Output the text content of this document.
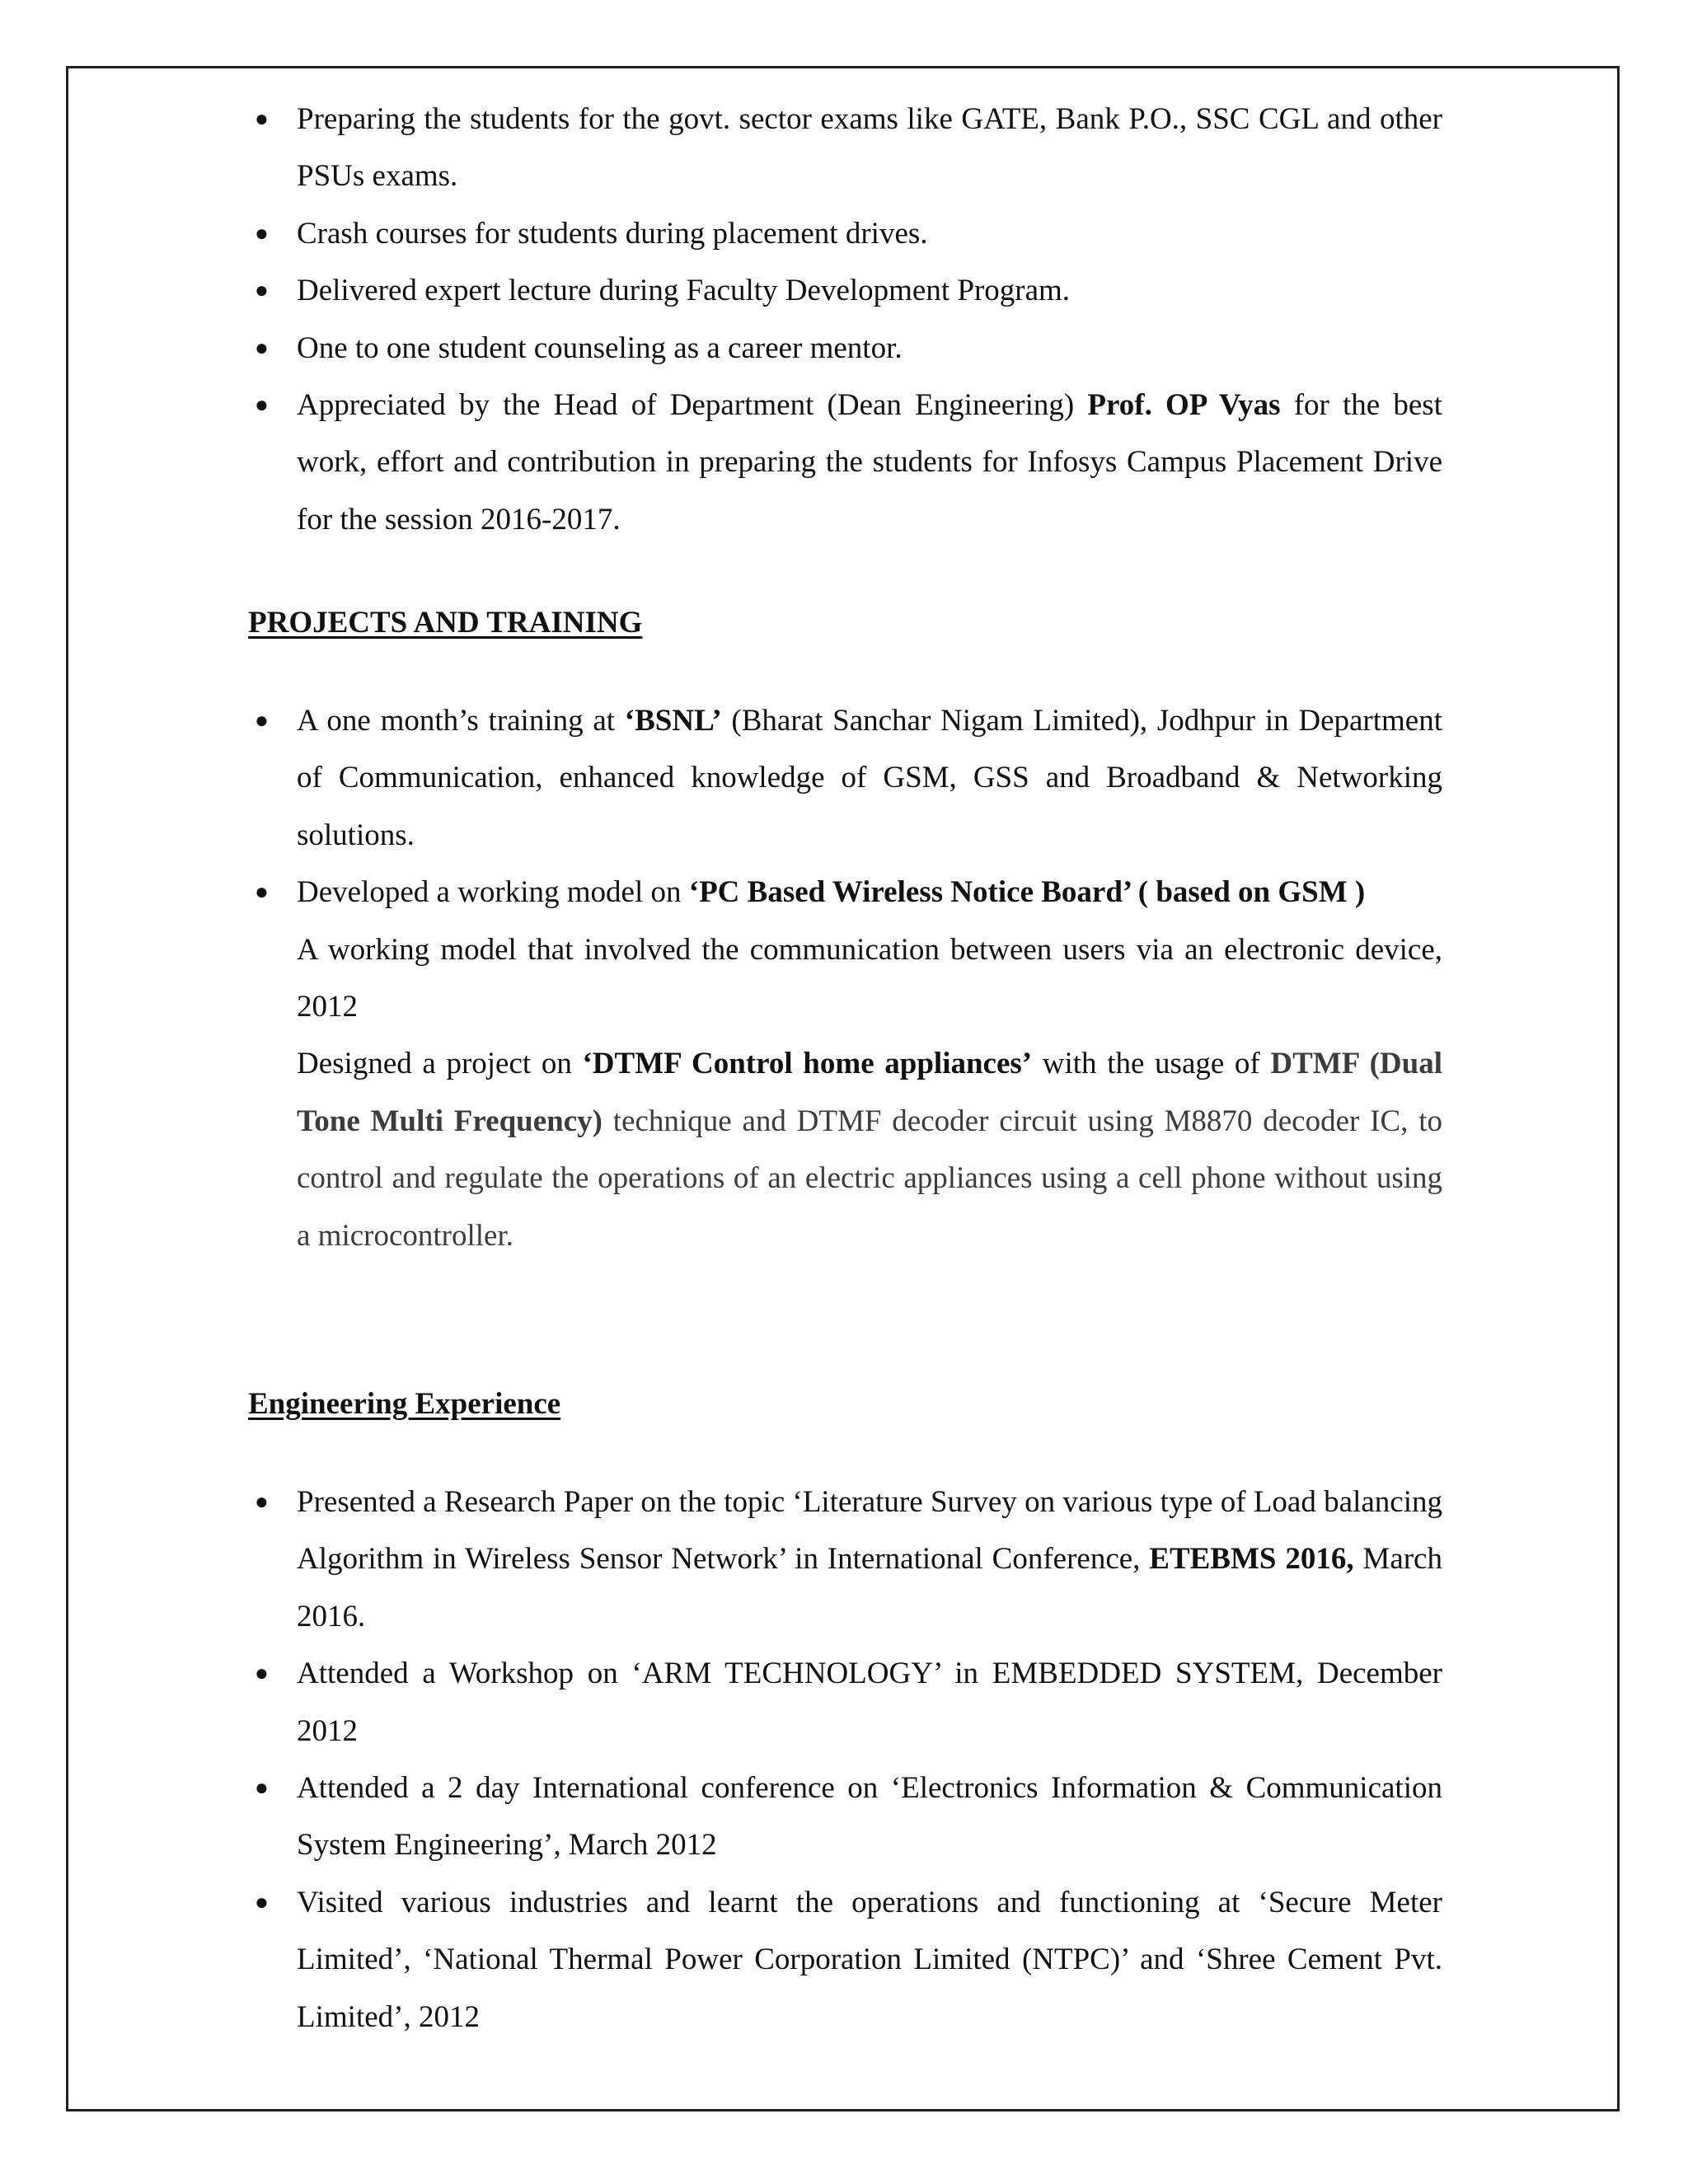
● Preparing the students for the govt. sector exams like GATE, Bank P.O., SSC CGL and other PSUs exams.
● Crash courses for students during placement drives.
● Delivered expert lecture during Faculty Development Program.
● One to one student counseling as a career mentor.
● Appreciated by the Head of Department (Dean Engineering) Prof. OP Vyas for the best work, effort and contribution in preparing the students for Infosys Campus Placement Drive for the session 2016-2017.
PROJECTS AND TRAINING
● A one month’s training at ‘BSNL’ (Bharat Sanchar Nigam Limited), Jodhpur in Department of Communication, enhanced knowledge of GSM, GSS and Broadband & Networking solutions.
● Developed a working model on ‘PC Based Wireless Notice Board’ ( based on GSM )
A working model that involved the communication between users via an electronic device, 2012
Designed a project on ‘DTMF Control home appliances’ with the usage of DTMF (Dual Tone Multi Frequency) technique and DTMF decoder circuit using M8870 decoder IC, to control and regulate the operations of an electric appliances using a cell phone without using a microcontroller.
Engineering Experience
● Presented a Research Paper on the topic ‘Literature Survey on various type of Load balancing Algorithm in Wireless Sensor Network’ in International Conference, ETEBMS 2016, March 2016.
● Attended a Workshop on ‘ARM TECHNOLOGY’ in EMBEDDED SYSTEM, December 2012
● Attended a 2 day International conference on ‘Electronics Information & Communication System Engineering’, March 2012
● Visited various industries and learnt the operations and functioning at ‘Secure Meter Limited’, ‘National Thermal Power Corporation Limited (NTPC)’ and ‘Shree Cement Pvt. Limited’, 2012
